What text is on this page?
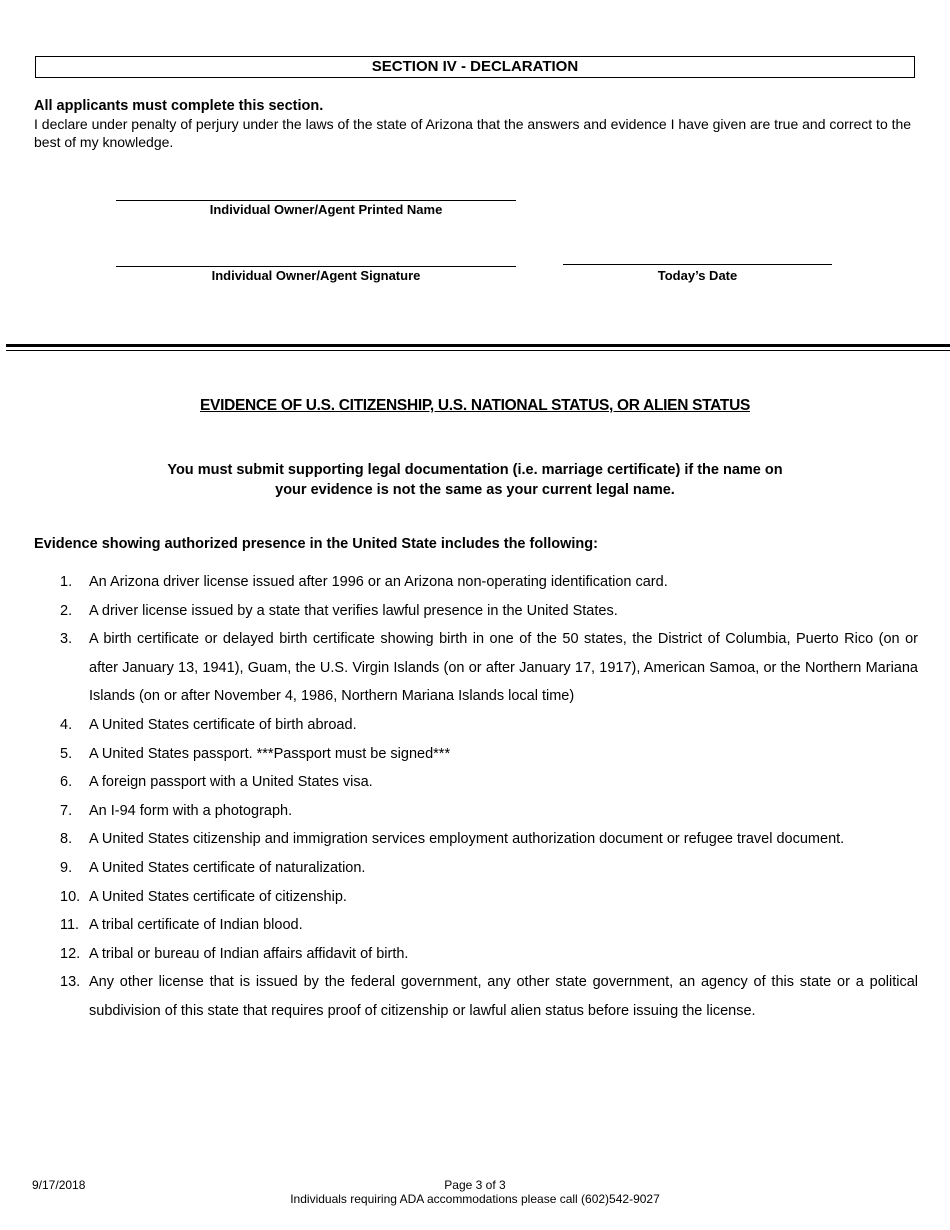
SECTION IV - DECLARATION
All applicants must complete this section.
I declare under penalty of perjury under the laws of the state of Arizona that the answers and evidence I have given are true and correct to the best of my knowledge.
Individual Owner/Agent Printed Name
Individual Owner/Agent Signature	Today’s Date
EVIDENCE OF U.S. CITIZENSHIP, U.S. NATIONAL STATUS, OR ALIEN STATUS
You must submit supporting legal documentation (i.e. marriage certificate) if the name on your evidence is not the same as your current legal name.
Evidence showing authorized presence in the United State includes the following:
1.	An Arizona driver license issued after 1996 or an Arizona non-operating identification card.
2.	A driver license issued by a state that verifies lawful presence in the United States.
3.	A birth certificate or delayed birth certificate showing birth in one of the 50 states, the District of Columbia, Puerto Rico (on or after January 13, 1941), Guam, the U.S. Virgin Islands (on or after January 17, 1917), American Samoa, or the Northern Mariana Islands (on or after November 4, 1986, Northern Mariana Islands local time)
4.	A United States certificate of birth abroad.
5.	A United States passport. ***Passport must be signed***
6.	A foreign passport with a United States visa.
7.	An I-94 form with a photograph.
8.	A United States citizenship and immigration services employment authorization document or refugee travel document.
9.	A United States certificate of naturalization.
10. A United States certificate of citizenship.
11. A tribal certificate of Indian blood.
12. A tribal or bureau of Indian affairs affidavit of birth.
13. Any other license that is issued by the federal government, any other state government, an agency of this state or a political subdivision of this state that requires proof of citizenship or lawful alien status before issuing the license.
9/17/2018	Page 3 of 3
Individuals requiring ADA accommodations please call (602)542-9027
